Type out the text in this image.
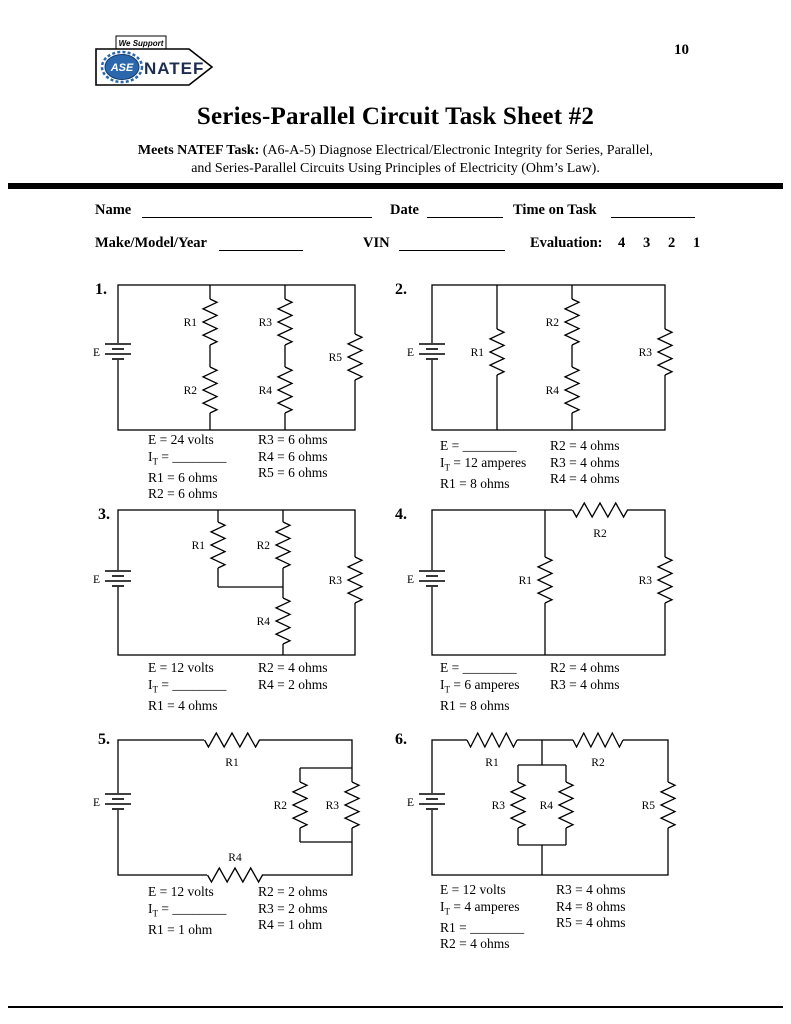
10
We Support
ASE NATEF
Series-Parallel Circuit Task Sheet #2
Meets NATEF Task: (A6-A-5) Diagnose Electrical/Electronic Integrity for Series, Parallel,
and Series-Parallel Circuits Using Principles of Electricity (Ohm’s Law).
Name	Date	Time on Task
Make/Model/Year	VIN	Evaluation: 4 3 2 1
1.
E
R1
R2
R3
R4
R5
E = 24 volts
$I_T$ = ________
R1 = 6 ohms
R2 = 6 ohms
R3 = 6 ohms
R4 = 6 ohms
R5 = 6 ohms
2.
E	R1
R2
R4
R3
E = ________
$I_T = 12$ amperes
R1 = 8 ohms
R2 = 4 ohms
R3 = 4 ohms
R4 = 4 ohms
3.
E
R1	R2
R4
R3
E = 12 volts
$I_T$ = ________
R1 = 4 ohms
R2 = 4 ohms
R4 = 2 ohms
4.
E
R2
R1	R3
E = ________
$I_T = 6$ amperes
R1 = 8 ohms
R2 = 4 ohms
R3 = 4 ohms
5.
E
R1
R4
R2	R3
E = 12 volts
$I_T$ = ________
R1 = 1 ohm
R2 = 2 ohms
R3 = 2 ohms
R4 = 1 ohm
6.
E
R1	R2
R3	R4	R5
E = 12 volts
$I_T = 4$ amperes
R1 = ________
R2 = 4 ohms
R3 = 4 ohms
R4 = 8 ohms
R5 = 4 ohms
